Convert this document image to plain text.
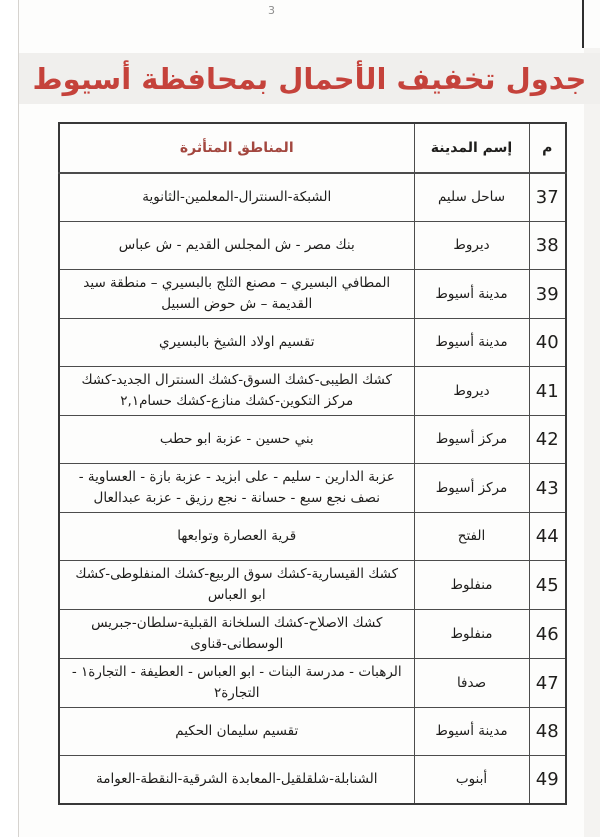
3
جدول تخفيف الأحمال بمحافظة أسيوط
م	إسم المدينة	المناطق المتأثرة
37	ساحل سليم	الشبكة-السنترال-المعلمين-الثانوية
38	ديروط	بنك مصر - ش المجلس القديم - ش عباس
39	مدينة أسيوط	المطافي البسيري – مصنع الثلج بالبسيري – منطقة سيد القديمة – ش حوض السبيل
40	مدينة أسيوط	تقسيم اولاد الشيخ بالبسيري
41	ديروط	كشك الطيبى-كشك السوق-كشك السنترال الجديد-كشك مركز التكوين-كشك منازع-كشك حسام٢,١
42	مركز أسيوط	بني حسين - عزبة ابو حطب
43	مركز أسيوط	عزبة الدارين - سليم - على ابزيد - عزبة بازة - العساوية - نصف نجع سبع - حسانة - نجع رزيق - عزبة عبدالعال
44	الفتح	قرية العصارة وتوابعها
45	منفلوط	كشك القيسارية-كشك سوق الربيع-كشك المنفلوطى-كشك ابو العباس
46	منفلوط	كشك الاصلاح-كشك السلخانة القبلية-سلطان-جبريس الوسطانى-قناوى
47	صدفا	الرهبات - مدرسة البنات - ابو العباس - العطيفة - التجارة١ - التجارة٢
48	مدينة أسيوط	تقسيم سليمان الحكيم
49	أبنوب	الشنابلة-شلقلقيل-المعابدة الشرقية-النقطة-العوامة
